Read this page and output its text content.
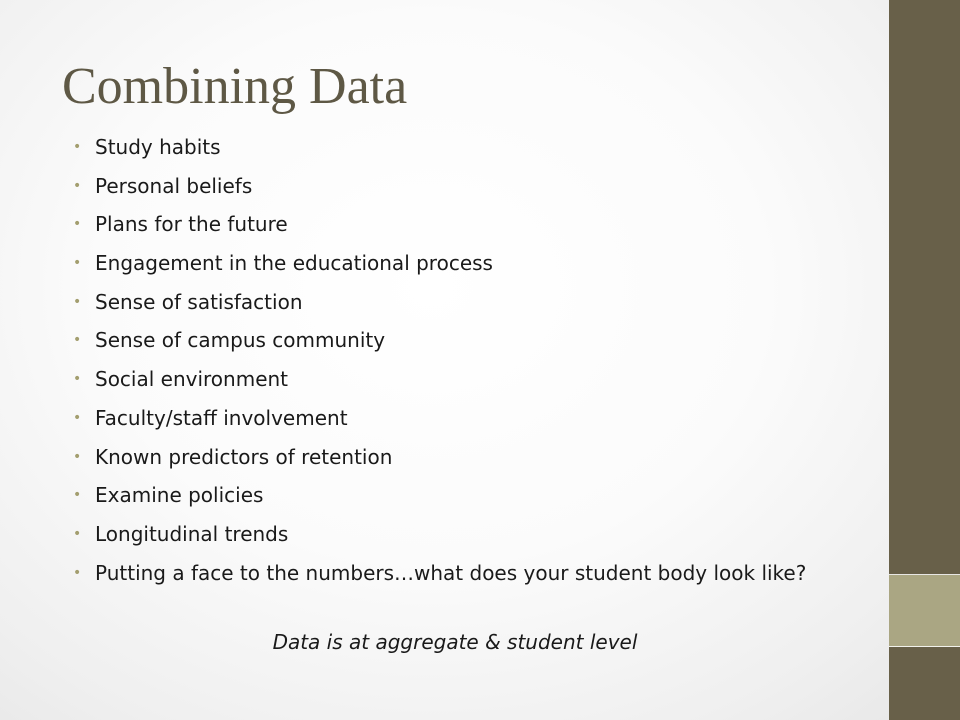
Combining Data
• Study habits
• Personal beliefs
• Plans for the future
• Engagement in the educational process
• Sense of satisfaction
• Sense of campus community
• Social environment
• Faculty/staff involvement
• Known predictors of retention
• Examine policies
• Longitudinal trends
• Putting a face to the numbers…what does your student body look like?

Data is at aggregate & student level
